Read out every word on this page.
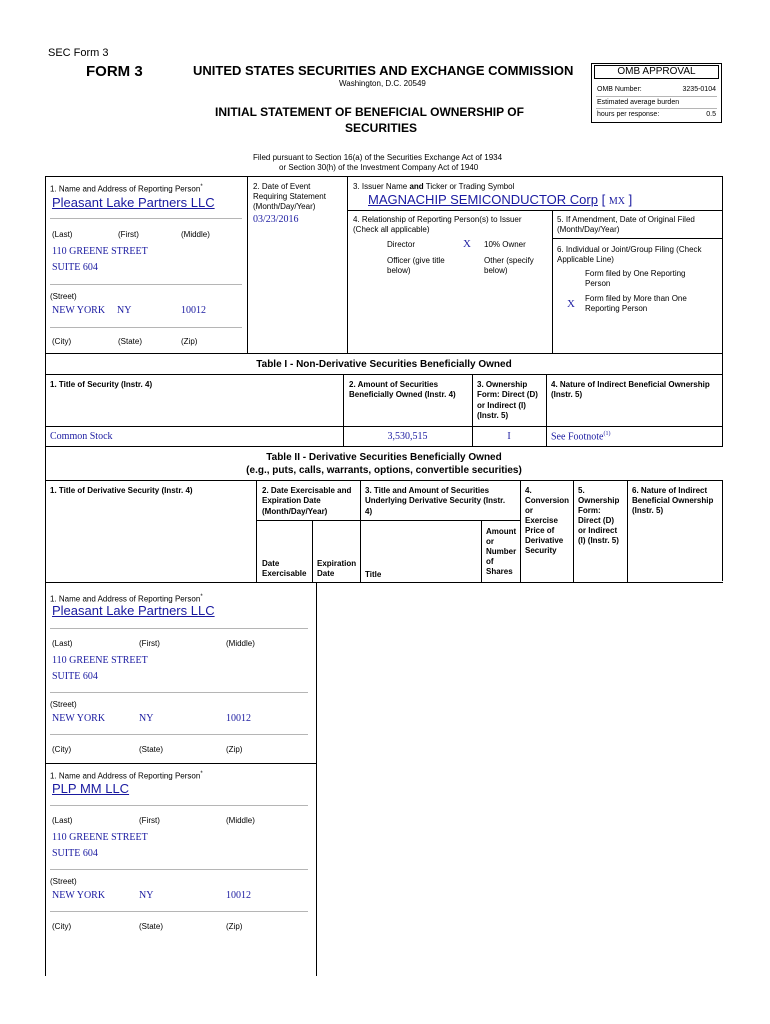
SEC Form 3
FORM 3	UNITED STATES SECURITIES AND EXCHANGE COMMISSION
Washington, D.C. 20549
INITIAL STATEMENT OF BENEFICIAL OWNERSHIP OF
SECURITIES
Filed pursuant to Section 16(a) of the Securities Exchange Act of 1934
or Section 30(h) of the Investment Company Act of 1940
OMB APPROVAL
OMB Number:	3235-0104
Estimated average burden
hours per response:	0.5
1. Name and Address of Reporting Person*
Pleasant Lake Partners LLC
(Last)	(First)	(Middle)
110 GREENE STREET
SUITE 604
(Street)
NEW YORK NY	10012
(City)	(State)	(Zip)
2. Date of Event
Requiring Statement
(Month/Day/Year)
03/23/2016
3. Issuer Name and Ticker or Trading Symbol
MAGNACHIP SEMICONDUCTOR Corp [ MX ]
4. Relationship of Reporting Person(s) to Issuer
(Check all applicable)
Director	X 10% Owner
Officer (give title
below)
Other (specify
below)
5. If Amendment, Date of Original Filed
(Month/Day/Year)
6. Individual or Joint/Group Filing (Check
Applicable Line)
Form filed by One Reporting
Person
X Form filed by More than One
Reporting Person
Table I - Non-Derivative Securities Beneficially Owned
1. Title of Security (Instr. 4)	2. Amount of Securities
Beneficially Owned (Instr. 4)
3. Ownership
Form: Direct (D)
or Indirect (I)
(Instr. 5)
4. Nature of Indirect Beneficial Ownership
(Instr. 5)
Common Stock	3,530,515	I	See Footnote$^{(1)}$
Table II - Derivative Securities Beneficially Owned
(e.g., puts, calls, warrants, options, convertible securities)
1. Title of Derivative Security (Instr. 4)	2. Date Exercisable and
Expiration Date
(Month/Day/Year)
3. Title and Amount of Securities
Underlying Derivative Security (Instr.
4)
4.
Conversion
or
Exercise
Price of
Derivative
Security
5.
Ownership
Form:
Direct (D)
or Indirect
(I) (Instr. 5)
6. Nature of Indirect
Beneficial Ownership
(Instr. 5)
Date
Exercisable
Expiration
Date	Title
Amount
or
Number
of
Shares
1. Name and Address of Reporting Person*
Pleasant Lake Partners LLC
(Last)	(First)	(Middle)
110 GREENE STREET
SUITE 604
(Street)
NEW YORK	NY	10012
(City)	(State)	(Zip)
1. Name and Address of Reporting Person*
PLP MM LLC
(Last)	(First)	(Middle)
110 GREENE STREET
SUITE 604
(Street)
NEW YORK	NY	10012
(City)	(State)	(Zip)
